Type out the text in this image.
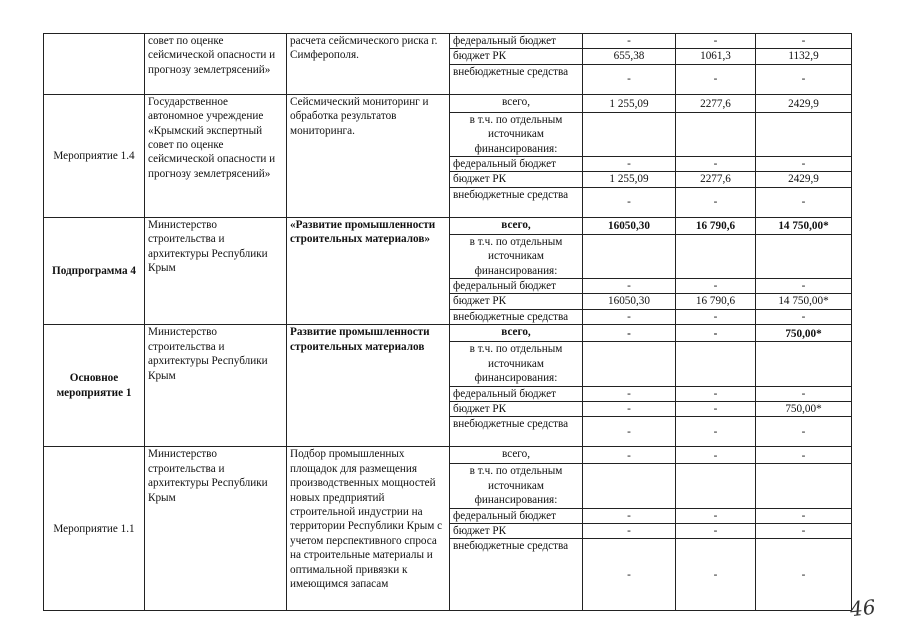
	совет по оценке сейсмической опасности и прогнозу землетрясений»	расчета сейсмического риска г. Симферополя.	федеральный бюджет	-	-	-
			бюджет РК	655,38	1061,3	1132,9
			внебюджетные средства	-	-	-
Мероприятие 1.4	Государственное автономное учреждение «Крымский экспертный совет по оценке сейсмической опасности и прогнозу землетрясений»	Сейсмический мониторинг и обработка результатов мониторинга.	всего,	1 255,09	2277,6	2429,9
			в т.ч. по отдельным источникам финансирования:			
			федеральный бюджет	-	-	-
			бюджет РК	1 255,09	2277,6	2429,9
			внебюджетные средства	-	-	-
Подпрограмма 4	Министерство строительства и архитектуры Республики Крым	«Развитие промышленности строительных материалов»	всего,	16050,30	16 790,6	14 750,00*
			в т.ч. по отдельным источникам финансирования:			
			федеральный бюджет	-	-	-
			бюджет РК	16050,30	16 790,6	14 750,00*
			внебюджетные средства	-	-	-
Основное мероприятие 1	Министерство строительства и архитектуры Республики Крым	Развитие промышленности строительных материалов	всего,	-	-	750,00*
			в т.ч. по отдельным источникам финансирования:			
			федеральный бюджет	-	-	-
			бюджет РК	-	-	750,00*
			внебюджетные средства	-	-	-
Мероприятие 1.1	Министерство строительства и архитектуры Республики Крым	Подбор промышленных площадок для размещения производственных мощностей новых предприятий строительной индустрии на территории Республики Крым с учетом перспективного спроса на строительные материалы и оптимальной привязки к имеющимся запасам	всего,	-	-	-
			в т.ч. по отдельным источникам финансирования:			
			федеральный бюджет	-	-	-
			бюджет РК	-	-	-
			внебюджетные средства	-	-	-
46
